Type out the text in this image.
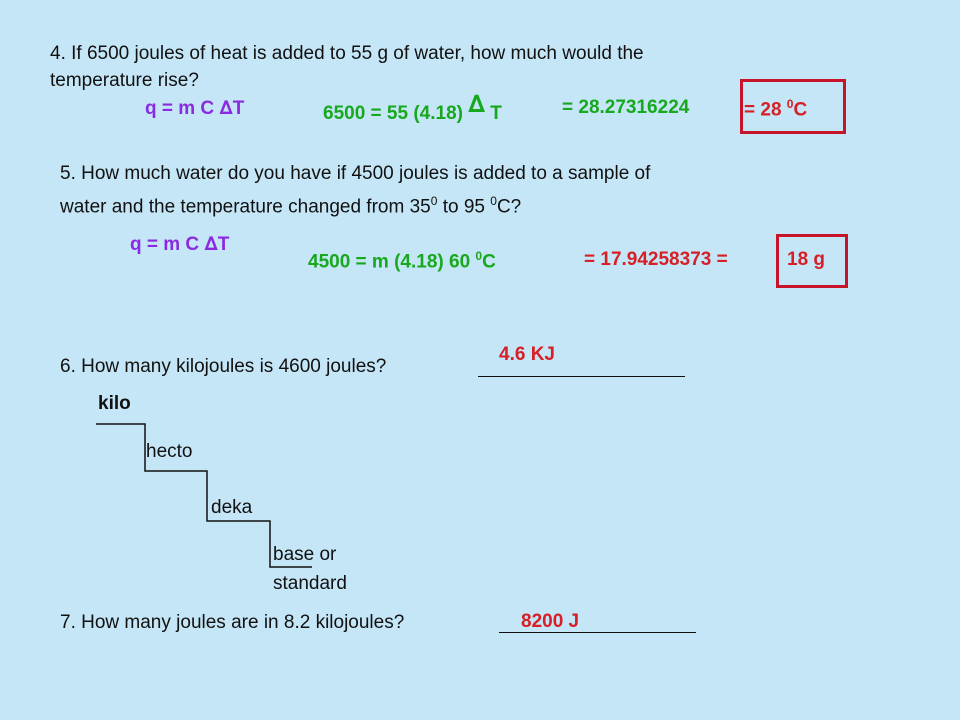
4. If 6500 joules of heat is added to 55 g of water, how much would the
temperature rise?
q = m C ∆T	6500 = 55 (4.18) ∆ T	= 28.27316224	= 28 $^0$C
5. How much water do you have if 4500 joules is added to a sample of
water and the temperature changed from $35^0$ to 95 $^0$C?
q = m C ∆T
4500 = m (4.18) 60 $^0$C	= 17.94258373 =	18 g
6. How many kilojoules is 4600 joules?
4.6 KJ
kilo
hecto
deka
base or
standard
7. How many joules are in 8.2 kilojoules?	8200 J
